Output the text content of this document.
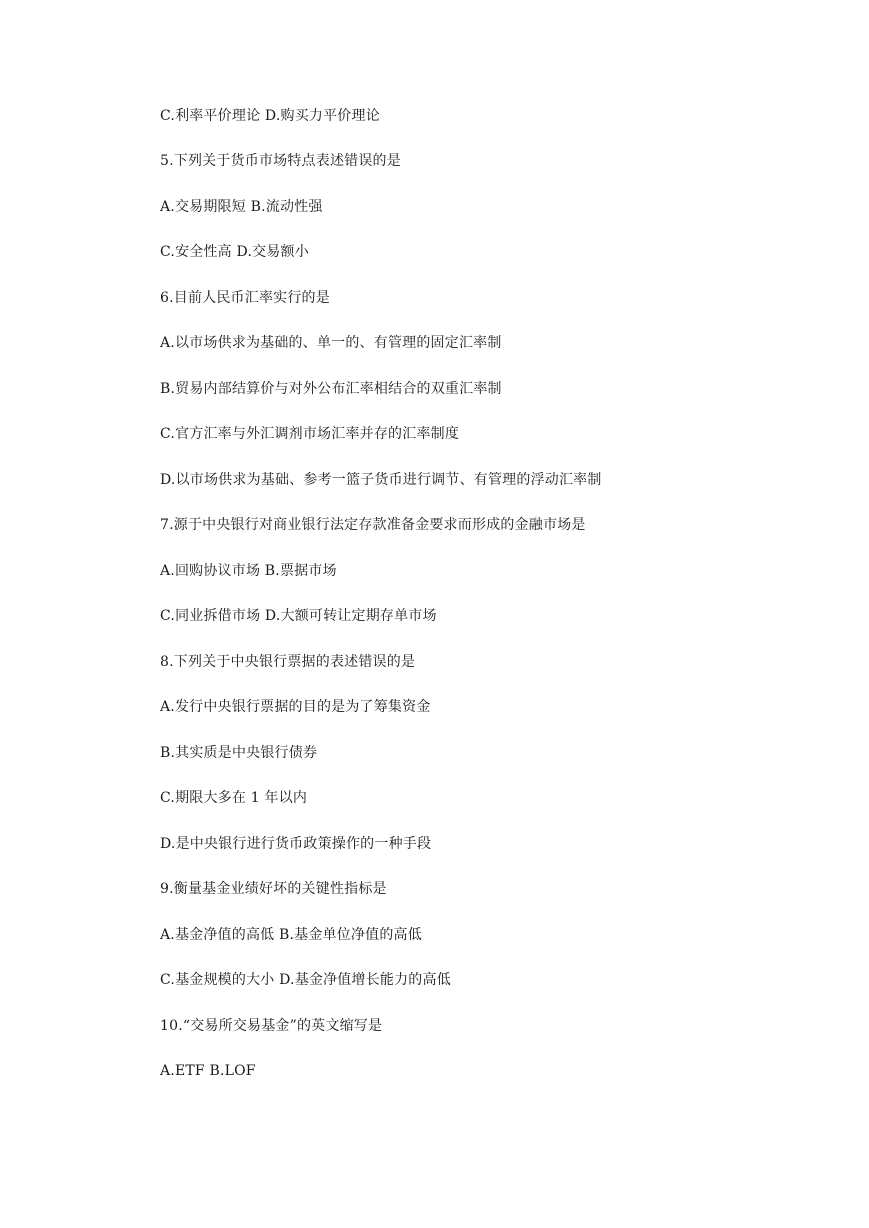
C.利率平价理论 D.购买力平价理论
5.下列关于货币市场特点表述错误的是
A.交易期限短 B.流动性强
C.安全性高 D.交易额小
6.目前人民币汇率实行的是
A.以市场供求为基础的、单一的、有管理的固定汇率制
B.贸易内部结算价与对外公布汇率相结合的双重汇率制
C.官方汇率与外汇调剂市场汇率并存的汇率制度
D.以市场供求为基础、参考一篮子货币进行调节、有管理的浮动汇率制
7.源于中央银行对商业银行法定存款准备金要求而形成的金融市场是
A.回购协议市场 B.票据市场
C.同业拆借市场 D.大额可转让定期存单市场
8.下列关于中央银行票据的表述错误的是
A.发行中央银行票据的目的是为了筹集资金
B.其实质是中央银行债券
C.期限大多在 1 年以内
D.是中央银行进行货币政策操作的一种手段
9.衡量基金业绩好坏的关键性指标是
A.基金净值的高低 B.基金单位净值的高低
C.基金规模的大小 D.基金净值增长能力的高低
10.“交易所交易基金”的英文缩写是
A.ETF B.LOF
